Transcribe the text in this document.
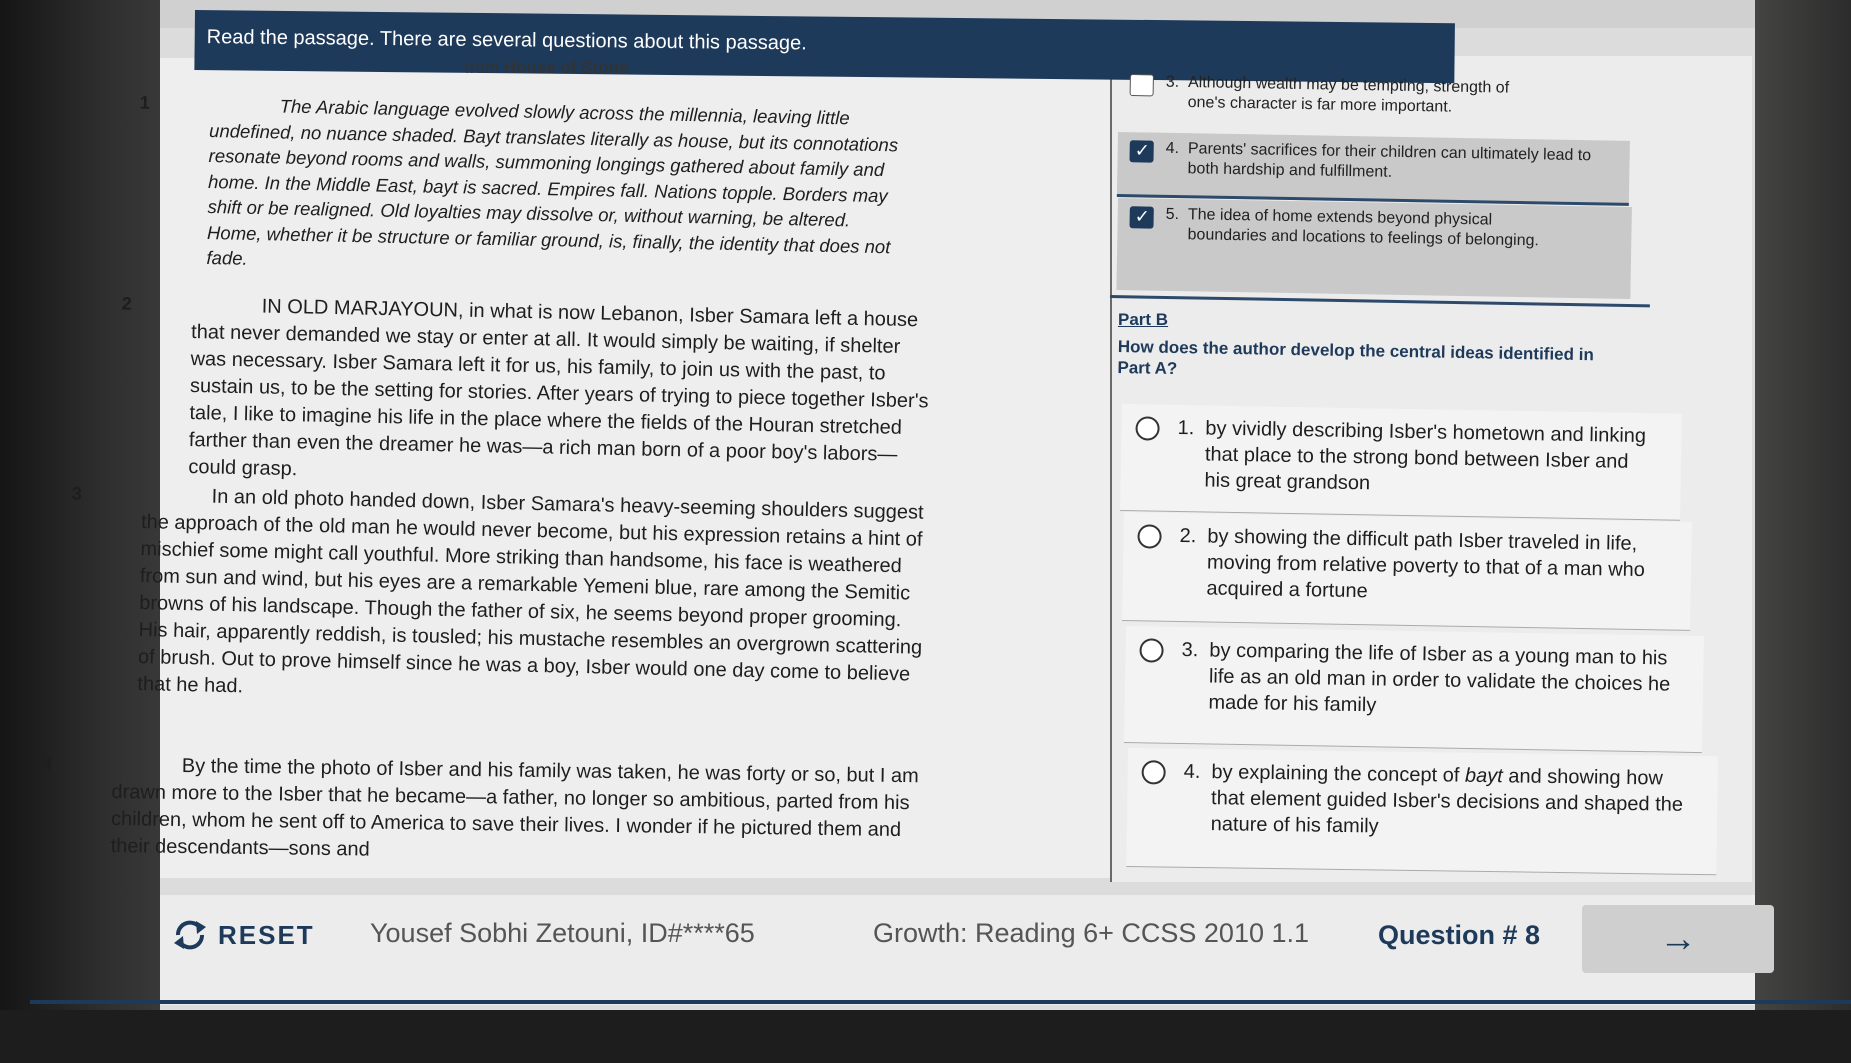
Read the passage. There are several questions about this passage.
from House of Stone
1	The Arabic language evolved slowly across the millennia, leaving little undefined, no nuance shaded. Bayt translates literally as house, but its connotations resonate beyond rooms and walls, summoning longings gathered about family and home. In the Middle East, bayt is sacred. Empires fall. Nations topple. Borders may shift or be realigned. Old loyalties may dissolve or, without warning, be altered. Home, whether it be structure or familiar ground, is, finally, the identity that does not fade.
2	IN OLD MARJAYOUN, in what is now Lebanon, Isber Samara left a house that never demanded we stay or enter at all. It would simply be waiting, if shelter was necessary. Isber Samara left it for us, his family, to join us with the past, to sustain us, to be the setting for stories. After years of trying to piece together Isber's tale, I like to imagine his life in the place where the fields of the Houran stretched farther than even the dreamer he was—a rich man born of a poor boy's labors—could grasp.
3	In an old photo handed down, Isber Samara's heavy-seeming shoulders suggest the approach of the old man he would never become, but his expression retains a hint of mischief some might call youthful. More striking than handsome, his face is weathered from sun and wind, but his eyes are a remarkable Yemeni blue, rare among the Semitic browns of his landscape. Though the father of six, he seems beyond proper grooming. His hair, apparently reddish, is tousled; his mustache resembles an overgrown scattering of brush. Out to prove himself since he was a boy, Isber would one day come to believe that he had.
4	By the time the photo of Isber and his family was taken, he was forty or so, but I am drawn more to the Isber that he became—a father, no longer so ambitious, parted from his children, whom he sent off to America to save their lives. I wonder if he pictured them and their descendants—sons and
3. Although wealth may be tempting, strength of one's character is far more important.
✓
4. Parents' sacrifices for their children can ultimately lead to both hardship and fulfillment.
✓
5. The idea of home extends beyond physical boundaries and locations to feelings of belonging.
Part B
How does the author develop the central ideas identified in Part A?
1. by vividly describing Isber's hometown and linking that place to the strong bond between Isber and his great grandson
2. by showing the difficult path Isber traveled in life, moving from relative poverty to that of a man who acquired a fortune
3. by comparing the life of Isber as a young man to his life as an old man in order to validate the choices he made for his family
4. by explaining the concept of bayt and showing how that element guided Isber's decisions and shaped the nature of his family
RESET Yousef Sobhi Zetouni, ID#****65	Growth: Reading 6+ CCSS 2010 1.1	Question # 8	→
